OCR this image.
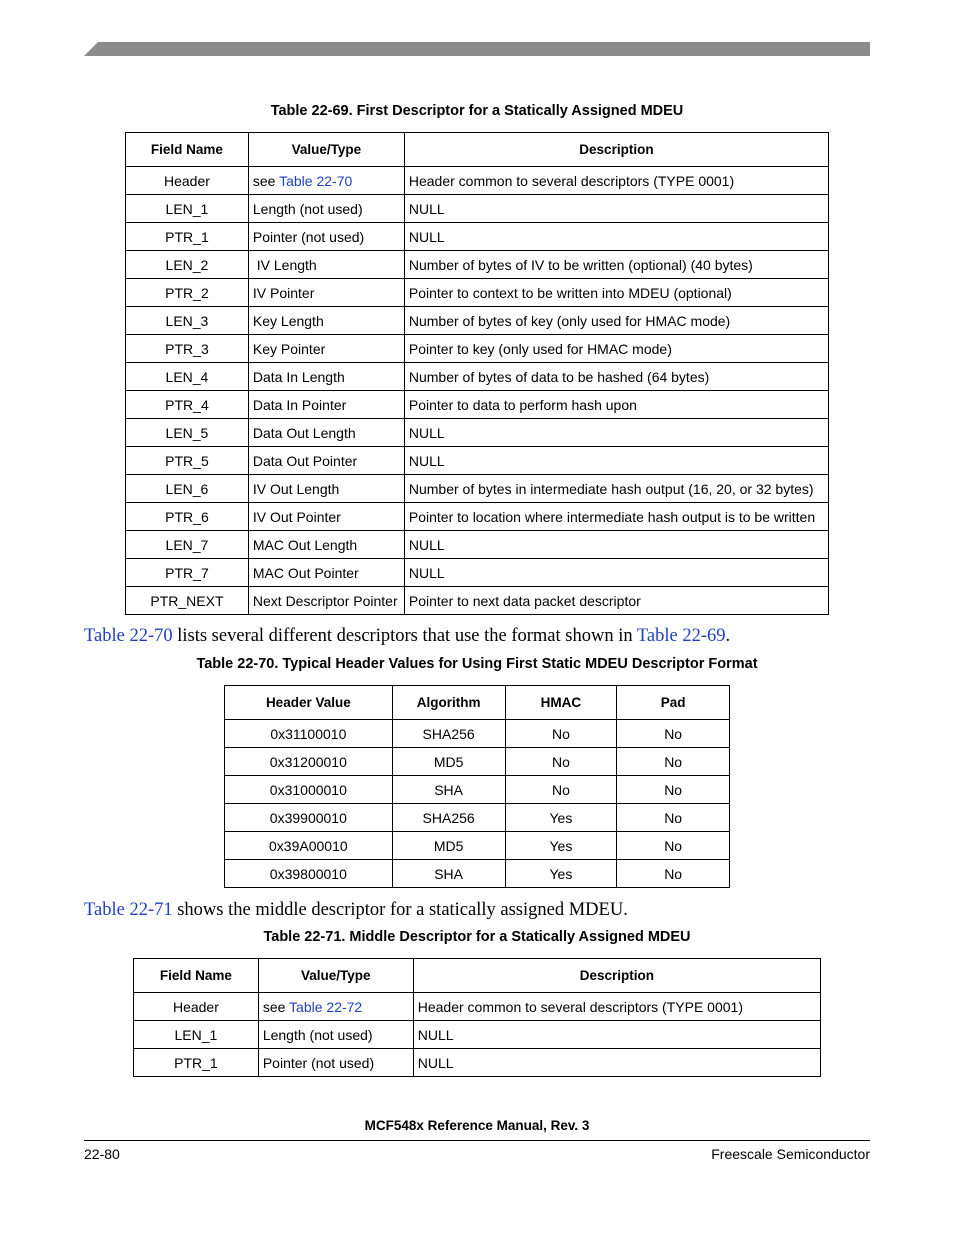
Table 22-69. First Descriptor for a Statically Assigned MDEU
Field Name	Value/Type	Description
Header	see Table 22-70	Header common to several descriptors (TYPE 0001)
LEN_1	Length (not used)	NULL
PTR_1	Pointer (not used)	NULL
LEN_2	IV Length	Number of bytes of IV to be written (optional) (40 bytes)
PTR_2	IV Pointer	Pointer to context to be written into MDEU (optional)
LEN_3	Key Length	Number of bytes of key (only used for HMAC mode)
PTR_3	Key Pointer	Pointer to key (only used for HMAC mode)
LEN_4	Data In Length	Number of bytes of data to be hashed (64 bytes)
PTR_4	Data In Pointer	Pointer to data to perform hash upon
LEN_5	Data Out Length	NULL
PTR_5	Data Out Pointer	NULL
LEN_6	IV Out Length	Number of bytes in intermediate hash output (16, 20, or 32 bytes)
PTR_6	IV Out Pointer	Pointer to location where intermediate hash output is to be written
LEN_7	MAC Out Length	NULL
PTR_7	MAC Out Pointer	NULL
PTR_NEXT	Next Descriptor Pointer	Pointer to next data packet descriptor
Table 22-70 lists several different descriptors that use the format shown in Table 22-69.
Table 22-70. Typical Header Values for Using First Static MDEU Descriptor Format
Header Value	Algorithm	HMAC	Pad
0x31100010	SHA256	No	No
0x31200010	MD5	No	No
0x31000010	SHA	No	No
0x39900010	SHA256	Yes	No
0x39A00010	MD5	Yes	No
0x39800010	SHA	Yes	No
Table 22-71 shows the middle descriptor for a statically assigned MDEU.
Table 22-71. Middle Descriptor for a Statically Assigned MDEU
Field Name	Value/Type	Description
Header	see Table 22-72	Header common to several descriptors (TYPE 0001)
LEN_1	Length (not used)	NULL
PTR_1	Pointer (not used)	NULL
MCF548x Reference Manual, Rev. 3
22-80	Freescale Semiconductor
